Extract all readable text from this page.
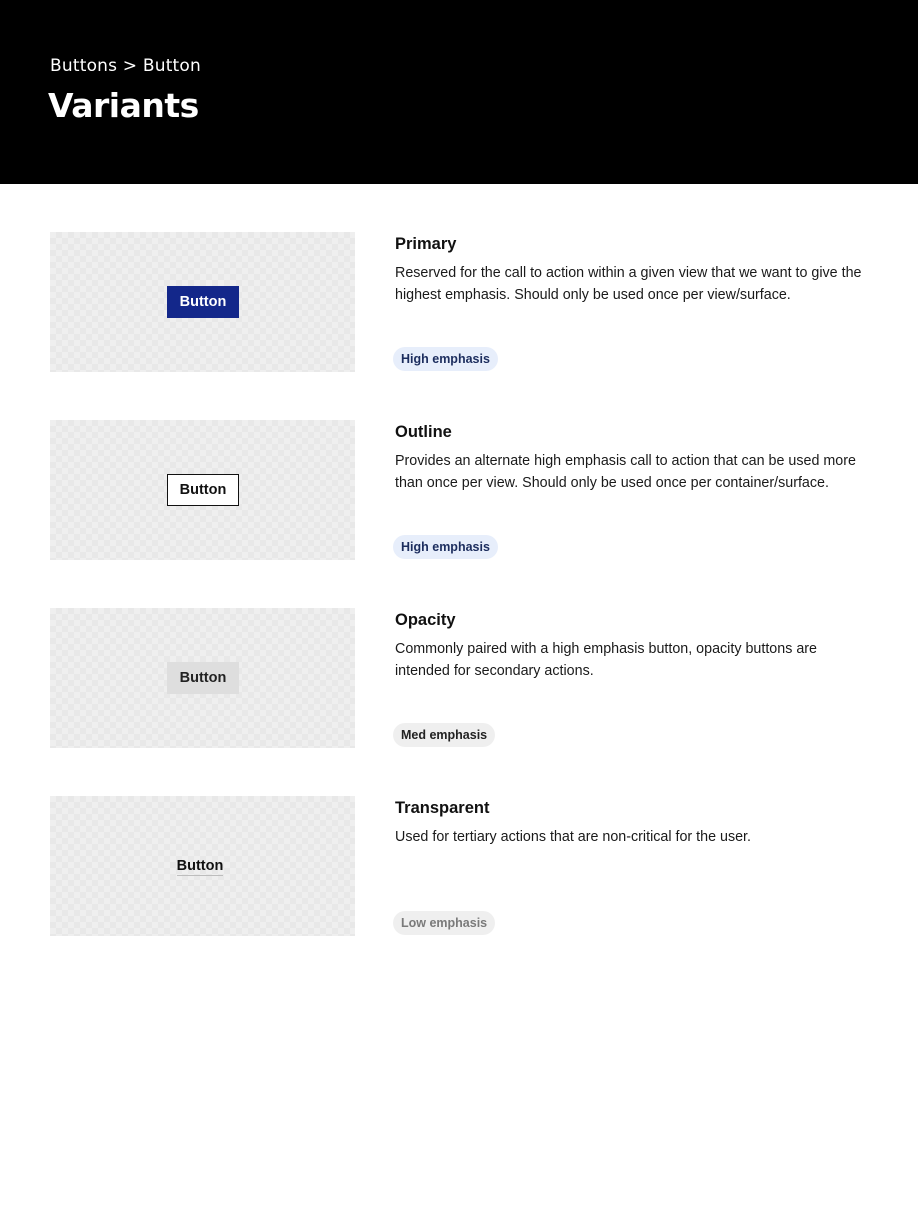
Buttons > Button
Variants
Button
Primary

Reserved for the call to action within a given view that we want to give the highest emphasis. Should only be used once per view/surface.

High emphasis
Button
Outline

Provides an alternate high emphasis call to action that can be used more than once per view. Should only be used once per container/surface.

High emphasis
Button
Opacity

Commonly paired with a high emphasis button, opacity buttons are intended for secondary actions.

Med emphasis
Button
Transparent

Used for tertiary actions that are non-critical for the user.

Low emphasis
